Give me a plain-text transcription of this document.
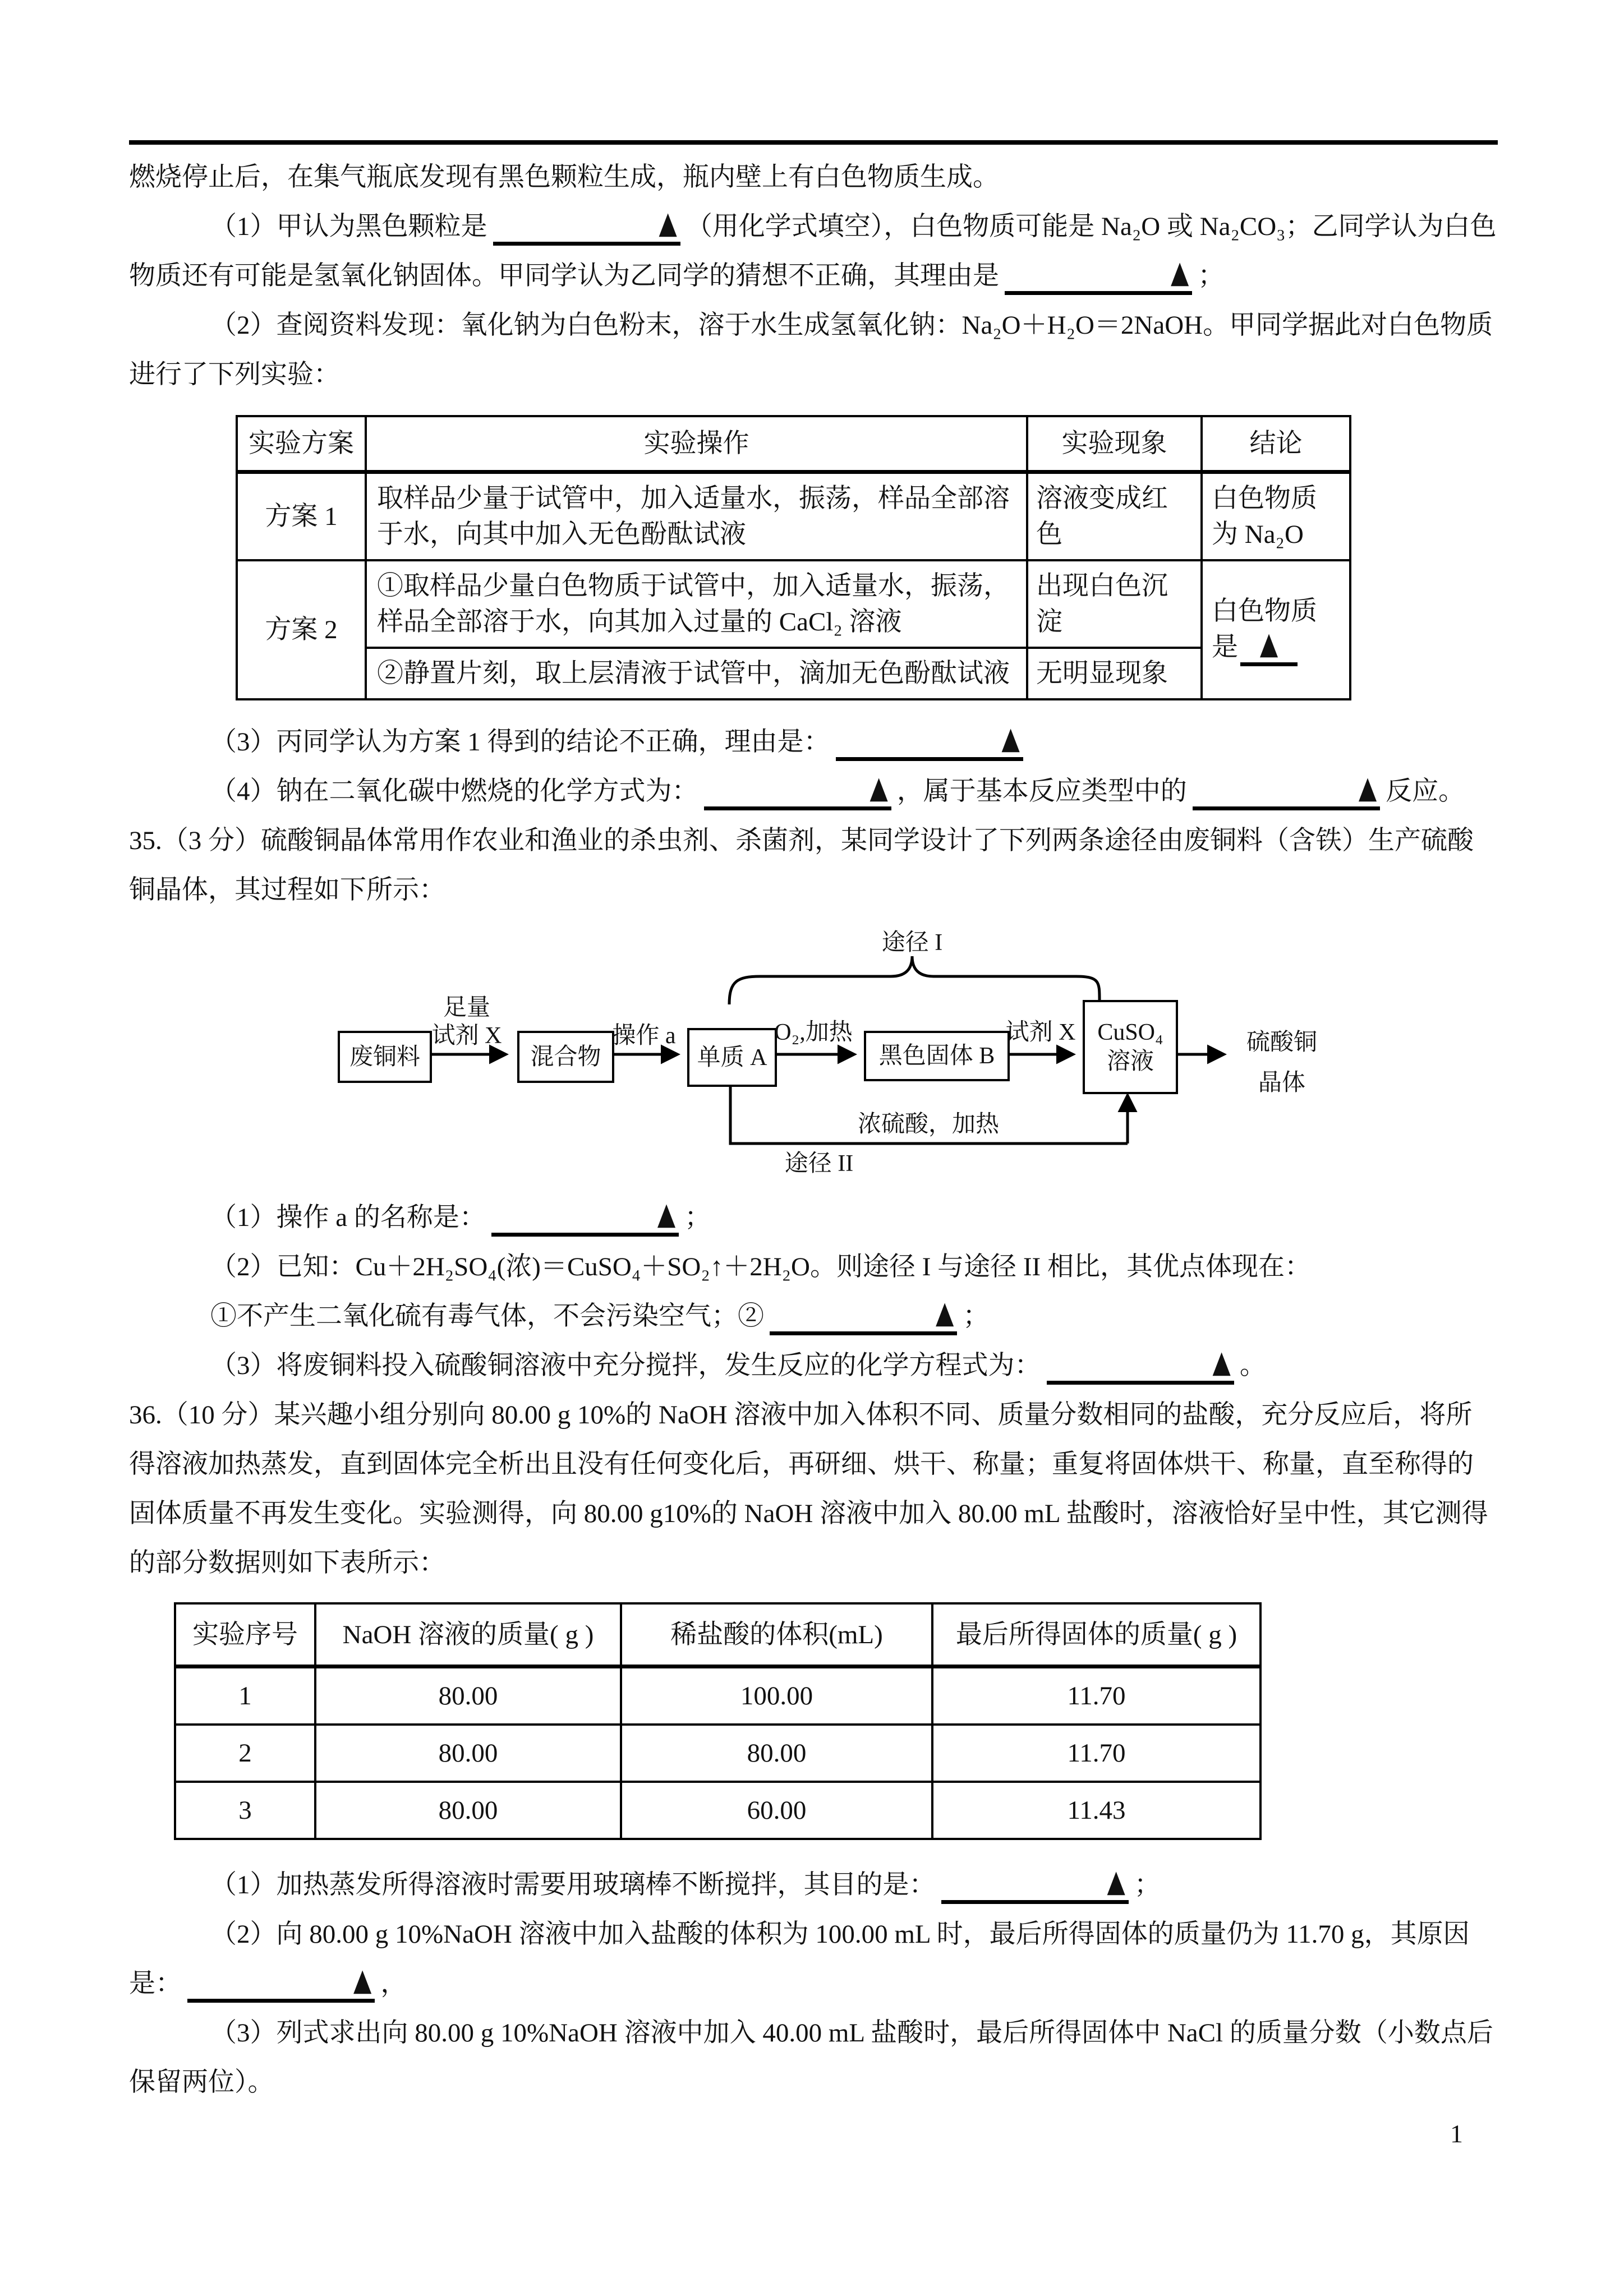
燃烧停止后，在集气瓶底发现有黑色颗粒生成，瓶内壁上有白色物质生成。

（1）甲认为黑色颗粒是	▲ （用化学式填空），白色物质可能是 Na₂O 或 Na₂CO₃；乙同学认为白色物质还有可能是氢氧化钠固体。甲同学认为乙同学的猜想不正确，其理由是	▲ ；

（2）查阅资料发现：氧化钠为白色粉末，溶于水生成氢氧化钠：Na₂O＋H₂O＝2NaOH。甲同学据此对白色物质进行了下列实验：

实验方案	实验操作	实验现象	结论
方案 1	取样品少量于试管中，加入适量水，振荡，样品全部溶于水，向其中加入无色酚酞试液	溶液变成红色	白色物质
为 Na₂O

方案 2	①取样品少量白色物质于试管中，加入适量水，振荡，样品全部溶于水，向其加入过量的 CaCl₂ 溶液	出现白色沉淀	白色物质
是 ▲

	②静置片刻，取上层清液于试管中，滴加无色酚酞试液	无明显现象	

（3）丙同学认为方案 1 得到的结论不正确，理由是：	▲

（4）钠在二氧化碳中燃烧的化学方式为：	▲ ，属于基本反应类型中的	▲ 反应。

35.（3 分）硫酸铜晶体常用作农业和渔业的杀虫剂、杀菌剂，某同学设计了下列两条途径由废铜料（含铁）生产硫酸铜晶体，其过程如下所示：

废铜料	混合物	单质 A	黑色固体 B
CuSO₄
溶液
足量
试剂 X	操作 a	O₂,加热	试剂 X
途径 I
硫酸铜
晶体
浓硫酸，加热
途径 II

（1）操作 a 的名称是：	▲ ；

（2）已知：Cu＋2H₂SO₄(浓)＝CuSO₄＋SO₂↑＋2H₂O。则途径 I 与途径 II 相比，其优点体现在：

①不产生二氧化硫有毒气体，不会污染空气；②	▲ ；

（3）将废铜料投入硫酸铜溶液中充分搅拌，发生反应的化学方程式为：	▲ 。

36.（10 分）某兴趣小组分别向 80.00 g 10%的 NaOH 溶液中加入体积不同、质量分数相同的盐酸，充分反应后，将所得溶液加热蒸发，直到固体完全析出且没有任何变化后，再研细、烘干、称量；重复将固体烘干、称量，直至称得的固体质量不再发生变化。实验测得，向 80.00 g10%的 NaOH 溶液中加入 80.00 mL 盐酸时，溶液恰好呈中性，其它测得的部分数据则如下表所示：

实验序号	NaOH 溶液的质量( g )	稀盐酸的体积(mL)	最后所得固体的质量( g )
1	80.00	100.00	11.70
2	80.00	80.00	11.70
3	80.00	60.00	11.43

（1）加热蒸发所得溶液时需要用玻璃棒不断搅拌，其目的是：	▲ ；

（2）向 80.00 g 10%NaOH 溶液中加入盐酸的体积为 100.00 mL 时，最后所得固体的质量仍为 11.70 g，其原因是：	▲ ，

（3）列式求出向 80.00 g 10%NaOH 溶液中加入 40.00 mL 盐酸时，最后所得固体中 NaCl 的质量分数（小数点后保留两位）。

1
